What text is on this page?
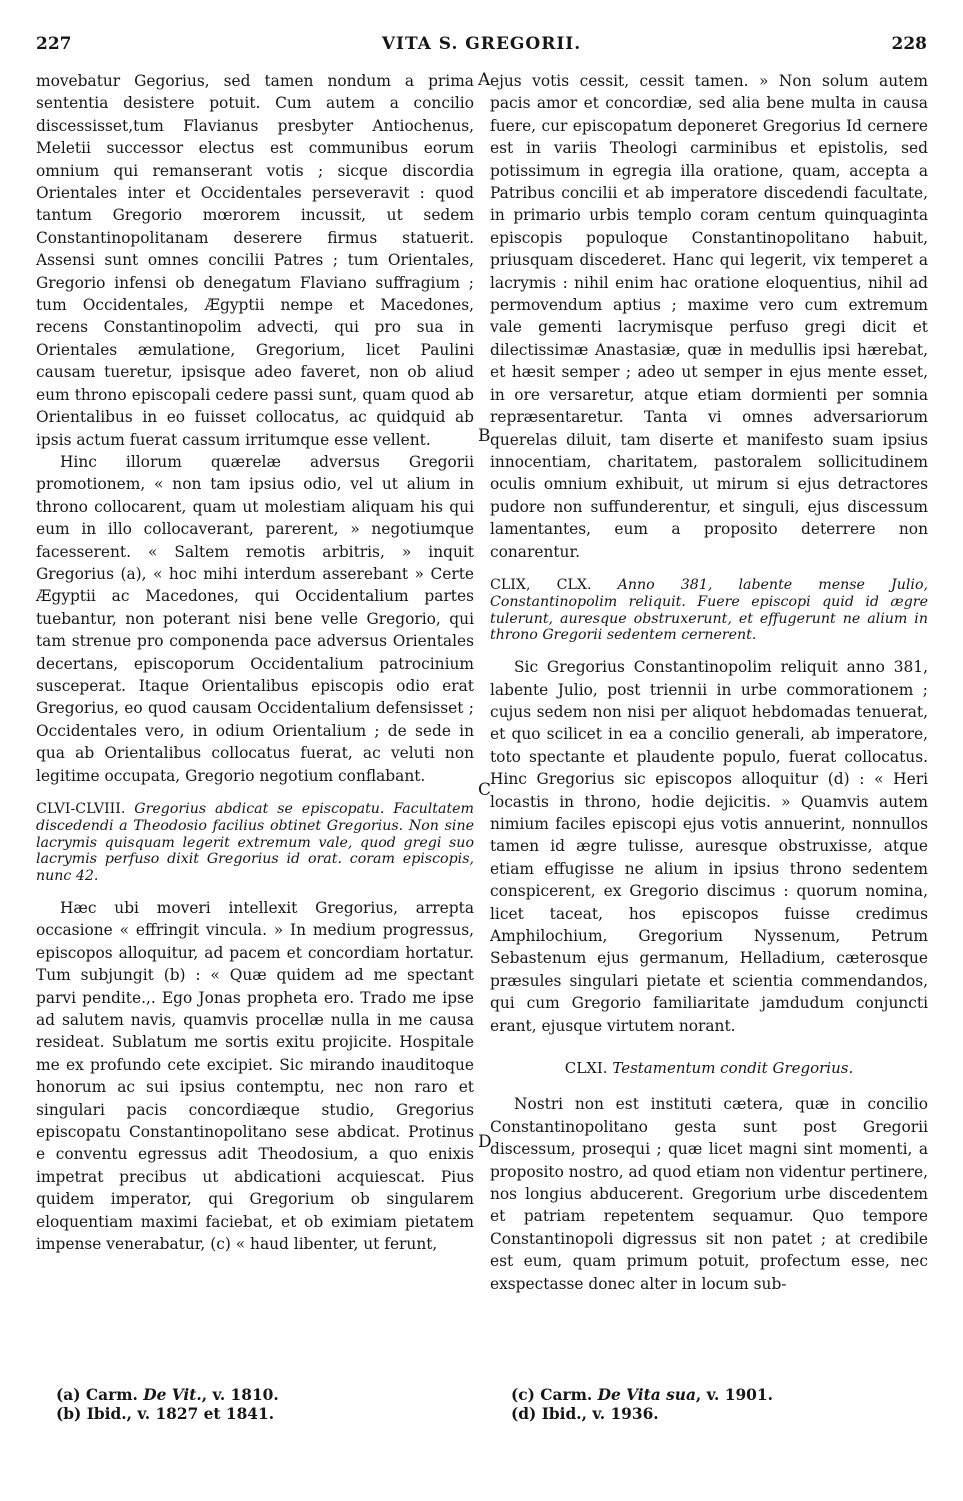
227	VITA S. GREGORII.	228

movebatur Gegorius, sed tamen nondum a prima sententia desistere potuit. Cum autem a concilio discessisset,tum Flavianus presbyter Antiochenus, Meletii successor electus est communibus eorum omnium qui remanserant votis ; sicque discordia Orientales inter et Occidentales perseveravit : quod tantum Gregorio mœrorem incussit, ut sedem Constantinopolitanam deserere firmus statuerit. Assensi sunt omnes concilii Patres ; tum Orientales, Gregorio infensi ob denegatum Flaviano suffragium ; tum Occidentales, Ægyptii nempe et Macedones, recens Constantinopolim advecti, qui pro sua in Orientales æmulatione, Gregorium, licet Paulini causam tueretur, ipsisque adeo faveret, non ob aliud eum throno episcopali cedere passi sunt, quam quod ab Orientalibus in eo fuisset collocatus, ac quidquid ab ipsis actum fuerat cassum irritumque esse vellent.

Hinc illorum quærelæ adversus Gregorii promotionem, « non tam ipsius odio, vel ut alium in throno collocarent, quam ut molestiam aliquam his qui eum in illo collocaverant, parerent, » negotiumque facesserent. « Saltem remotis arbitris, » inquit Gregorius (a), « hoc mihi interdum asserebant » Certe Ægyptii ac Macedones, qui Occidentalium partes tuebantur, non poterant nisi bene velle Gregorio, qui tam strenue pro componenda pace adversus Orientales decertans, episcoporum Occidentalium patrocinium susceperat. Itaque Orientalibus episcopis odio erat Gregorius, eo quod causam Occidentalium defensisset ; Occidentales vero, in odium Orientalium ; de sede in qua ab Orientalibus collocatus fuerat, ac veluti non legitime occupata, Gregorio negotium conflabant.

CLVI-CLVIII. Gregorius abdicat se episcopatu. Facultatem discedendi a Theodosio facilius obtinet Gregorius. Non sine lacrymis quisquam legerit extremum vale, quod gregi suo lacrymis perfuso dixit Gregorius id orat. coram episcopis, nunc 42.

Hæc ubi moveri intellexit Gregorius, arrepta occasione « effringit vincula. » In medium progressus, episcopos alloquitur, ad pacem et concordiam hortatur. Tum subjungit (b) : « Quæ quidem ad me spectant parvi pendite.,. Ego Jonas propheta ero. Trado me ipse ad salutem navis, quamvis procellæ nulla in me causa resideat. Sublatum me sortis exitu projicite. Hospitale me ex profundo cete excipiet. Sic mirando inauditoque honorum ac sui ipsius contemptu, nec non raro et singulari pacis concordiæque studio, Gregorius episcopatu Constantinopolitano sese abdicat. Protinus e conventu egressus adit Theodosium, a quo enixis impetrat precibus ut abdicationi acquiescat. Pius quidem imperator, qui Gregorium ob singularem eloquentiam maximi faciebat, et ob eximiam pietatem impense venerabatur, (c) « haud libenter, ut ferunt,

ejus votis cessit, cessit tamen. » Non solum autem pacis amor et concordiæ, sed alia bene multa in causa fuere, cur episcopatum deponeret Gregorius Id cernere est in variis Theologi carminibus et epistolis, sed potissimum in egregia illa oratione, quam, accepta a Patribus concilii et ab imperatore discedendi facultate, in primario urbis templo coram centum quinquaginta episcopis populoque Constantinopolitano habuit, priusquam discederet. Hanc qui legerit, vix temperet a lacrymis : nihil enim hac oratione eloquentius, nihil ad permovendum aptius ; maxime vero cum extremum vale gementi lacrymisque perfuso gregi dicit et dilectissimæ Anastasiæ, quæ in medullis ipsi hærebat, et hæsit semper ; adeo ut semper in ejus mente esset, in ore versaretur, atque etiam dormienti per somnia repræsentaretur. Tanta vi omnes adversariorum querelas diluit, tam diserte et manifesto suam ipsius innocentiam, charitatem, pastoralem sollicitudinem oculis omnium exhibuit, ut mirum si ejus detractores pudore non suffunderentur, et singuli, ejus discessum lamentantes, eum a proposito deterrere non conarentur.

CLIX, CLX. Anno 381, labente mense Julio, Constantinopolim reliquit. Fuere episcopi quid id ægre tulerunt, auresque obstruxerunt, et effugerunt ne alium in throno Gregorii sedentem cernerent.

Sic Gregorius Constantinopolim reliquit anno 381, labente Julio, post triennii in urbe commorationem ; cujus sedem non nisi per aliquot hebdomadas tenuerat, et quo scilicet in ea a concilio generali, ab imperatore, toto spectante et plaudente populo, fuerat collocatus. Hinc Gregorius sic episcopos alloquitur (d) : « Heri locastis in throno, hodie dejicitis. » Quamvis autem nimium faciles episcopi ejus votis annuerint, nonnullos tamen id ægre tulisse, auresque obstruxisse, atque etiam effugisse ne alium in ipsius throno sedentem conspicerent, ex Gregorio discimus : quorum nomina, licet taceat, hos episcopos fuisse credimus Amphilochium, Gregorium Nyssenum, Petrum Sebastenum ejus germanum, Helladium, cæterosque præsules singulari pietate et scientia commendandos, qui cum Gregorio familiaritate jamdudum conjuncti erant, ejusque virtutem norant.

CLXI. Testamentum condit Gregorius.

Nostri non est instituti cætera, quæ in concilio Constantinopolitano gesta sunt post Gregorii discessum, prosequi ; quæ licet magni sint momenti, a proposito nostro, ad quod etiam non videntur pertinere, nos longius abducerent. Gregorium urbe discedentem et patriam repetentem sequamur. Quo tempore Constantinopoli digressus sit non patet ; at credibile est eum, quam primum potuit, profectum esse, nec exspectasse donec alter in locum sub-

A
B
C
D
(a) Carm. De Vit., v. 1810.
(b) Ibid., v. 1827 et 1841.
(c) Carm. De Vita sua, v. 1901.
(d) Ibid., v. 1936.
